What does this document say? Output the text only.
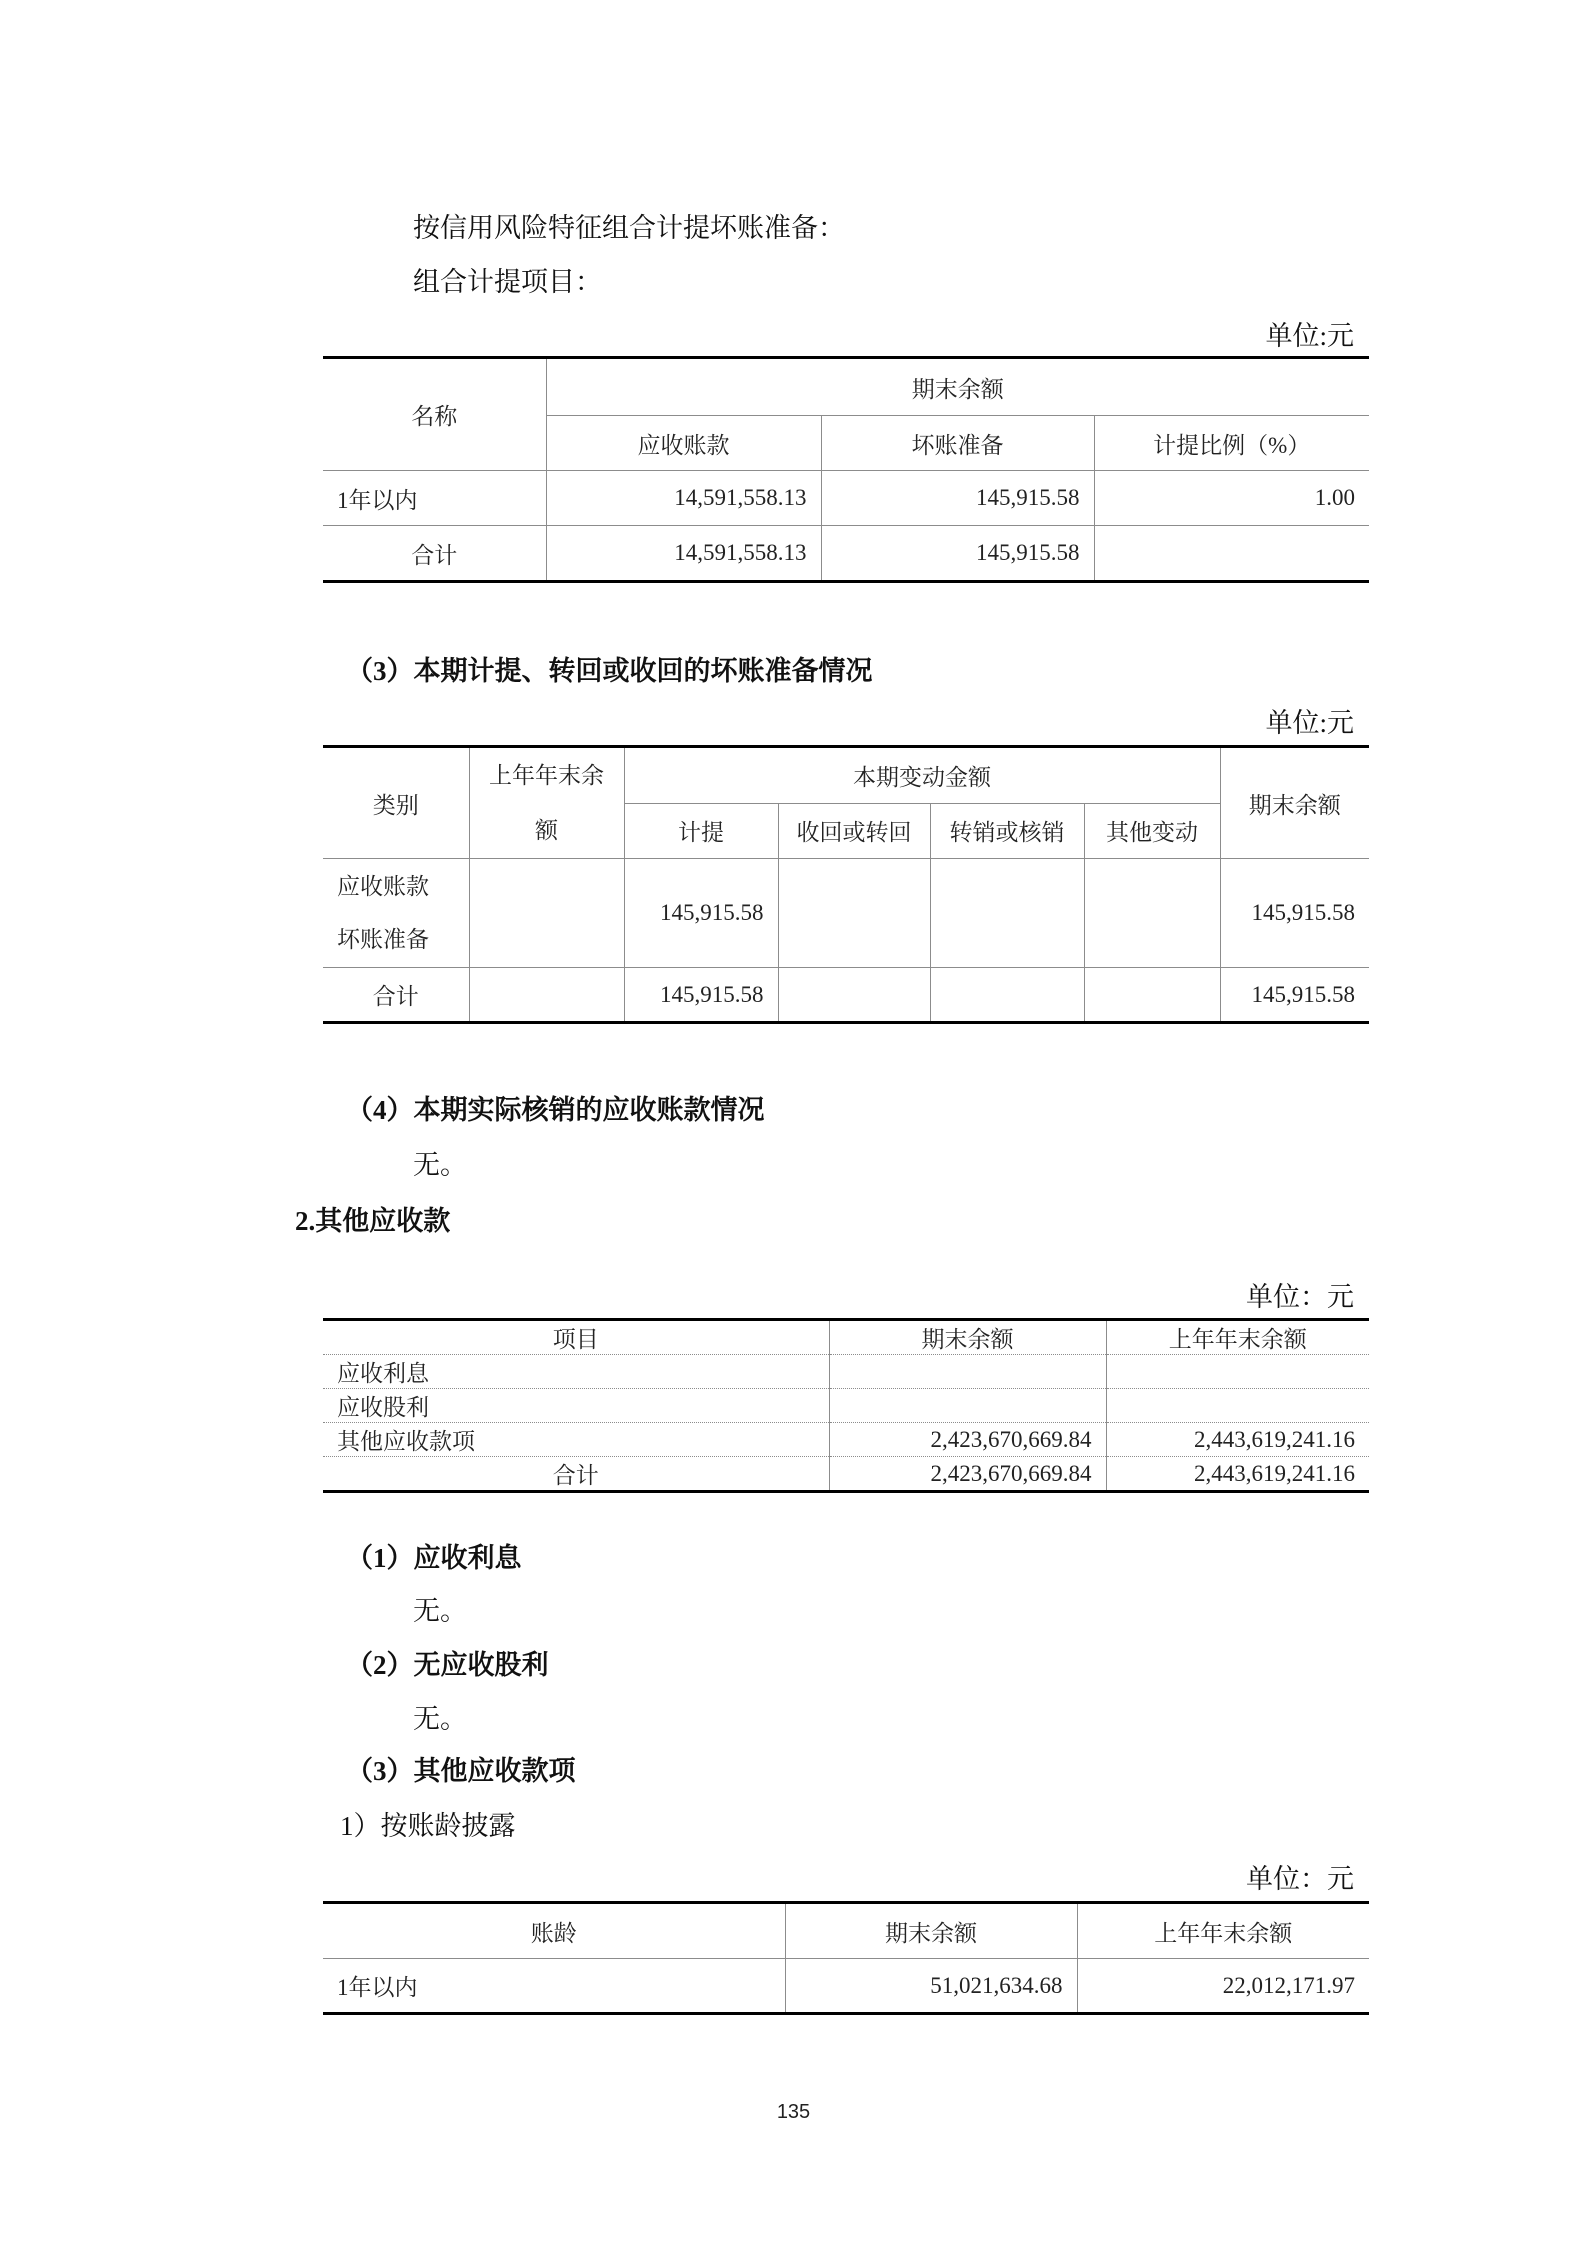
按信用风险特征组合计提坏账准备：
组合计提项目：
单位:元
名称	期末余额		
	应收账款	坏账准备	计提比例（%）
1年以内	14,591,558.13	145,915.58	1.00
合计	14,591,558.13	145,915.58	
（3）本期计提、转回或收回的坏账准备情况
单位:元
类别	上年年末余额	本期变动金额				期末余额
		计提	收回或转回	转销或核销	其他变动	
应收账款坏账准备		145,915.58				145,915.58
合计		145,915.58				145,915.58
（4）本期实际核销的应收账款情况
无。
2.其他应收款
单位：元
项目	期末余额	上年年末余额
应收利息		
应收股利		
其他应收款项	2,423,670,669.84	2,443,619,241.16
合计	2,423,670,669.84	2,443,619,241.16
（1）应收利息
无。
（2）无应收股利
无。
（3）其他应收款项
1）按账龄披露
单位：元
账龄	期末余额	上年年末余额
1年以内	51,021,634.68	22,012,171.97
135
